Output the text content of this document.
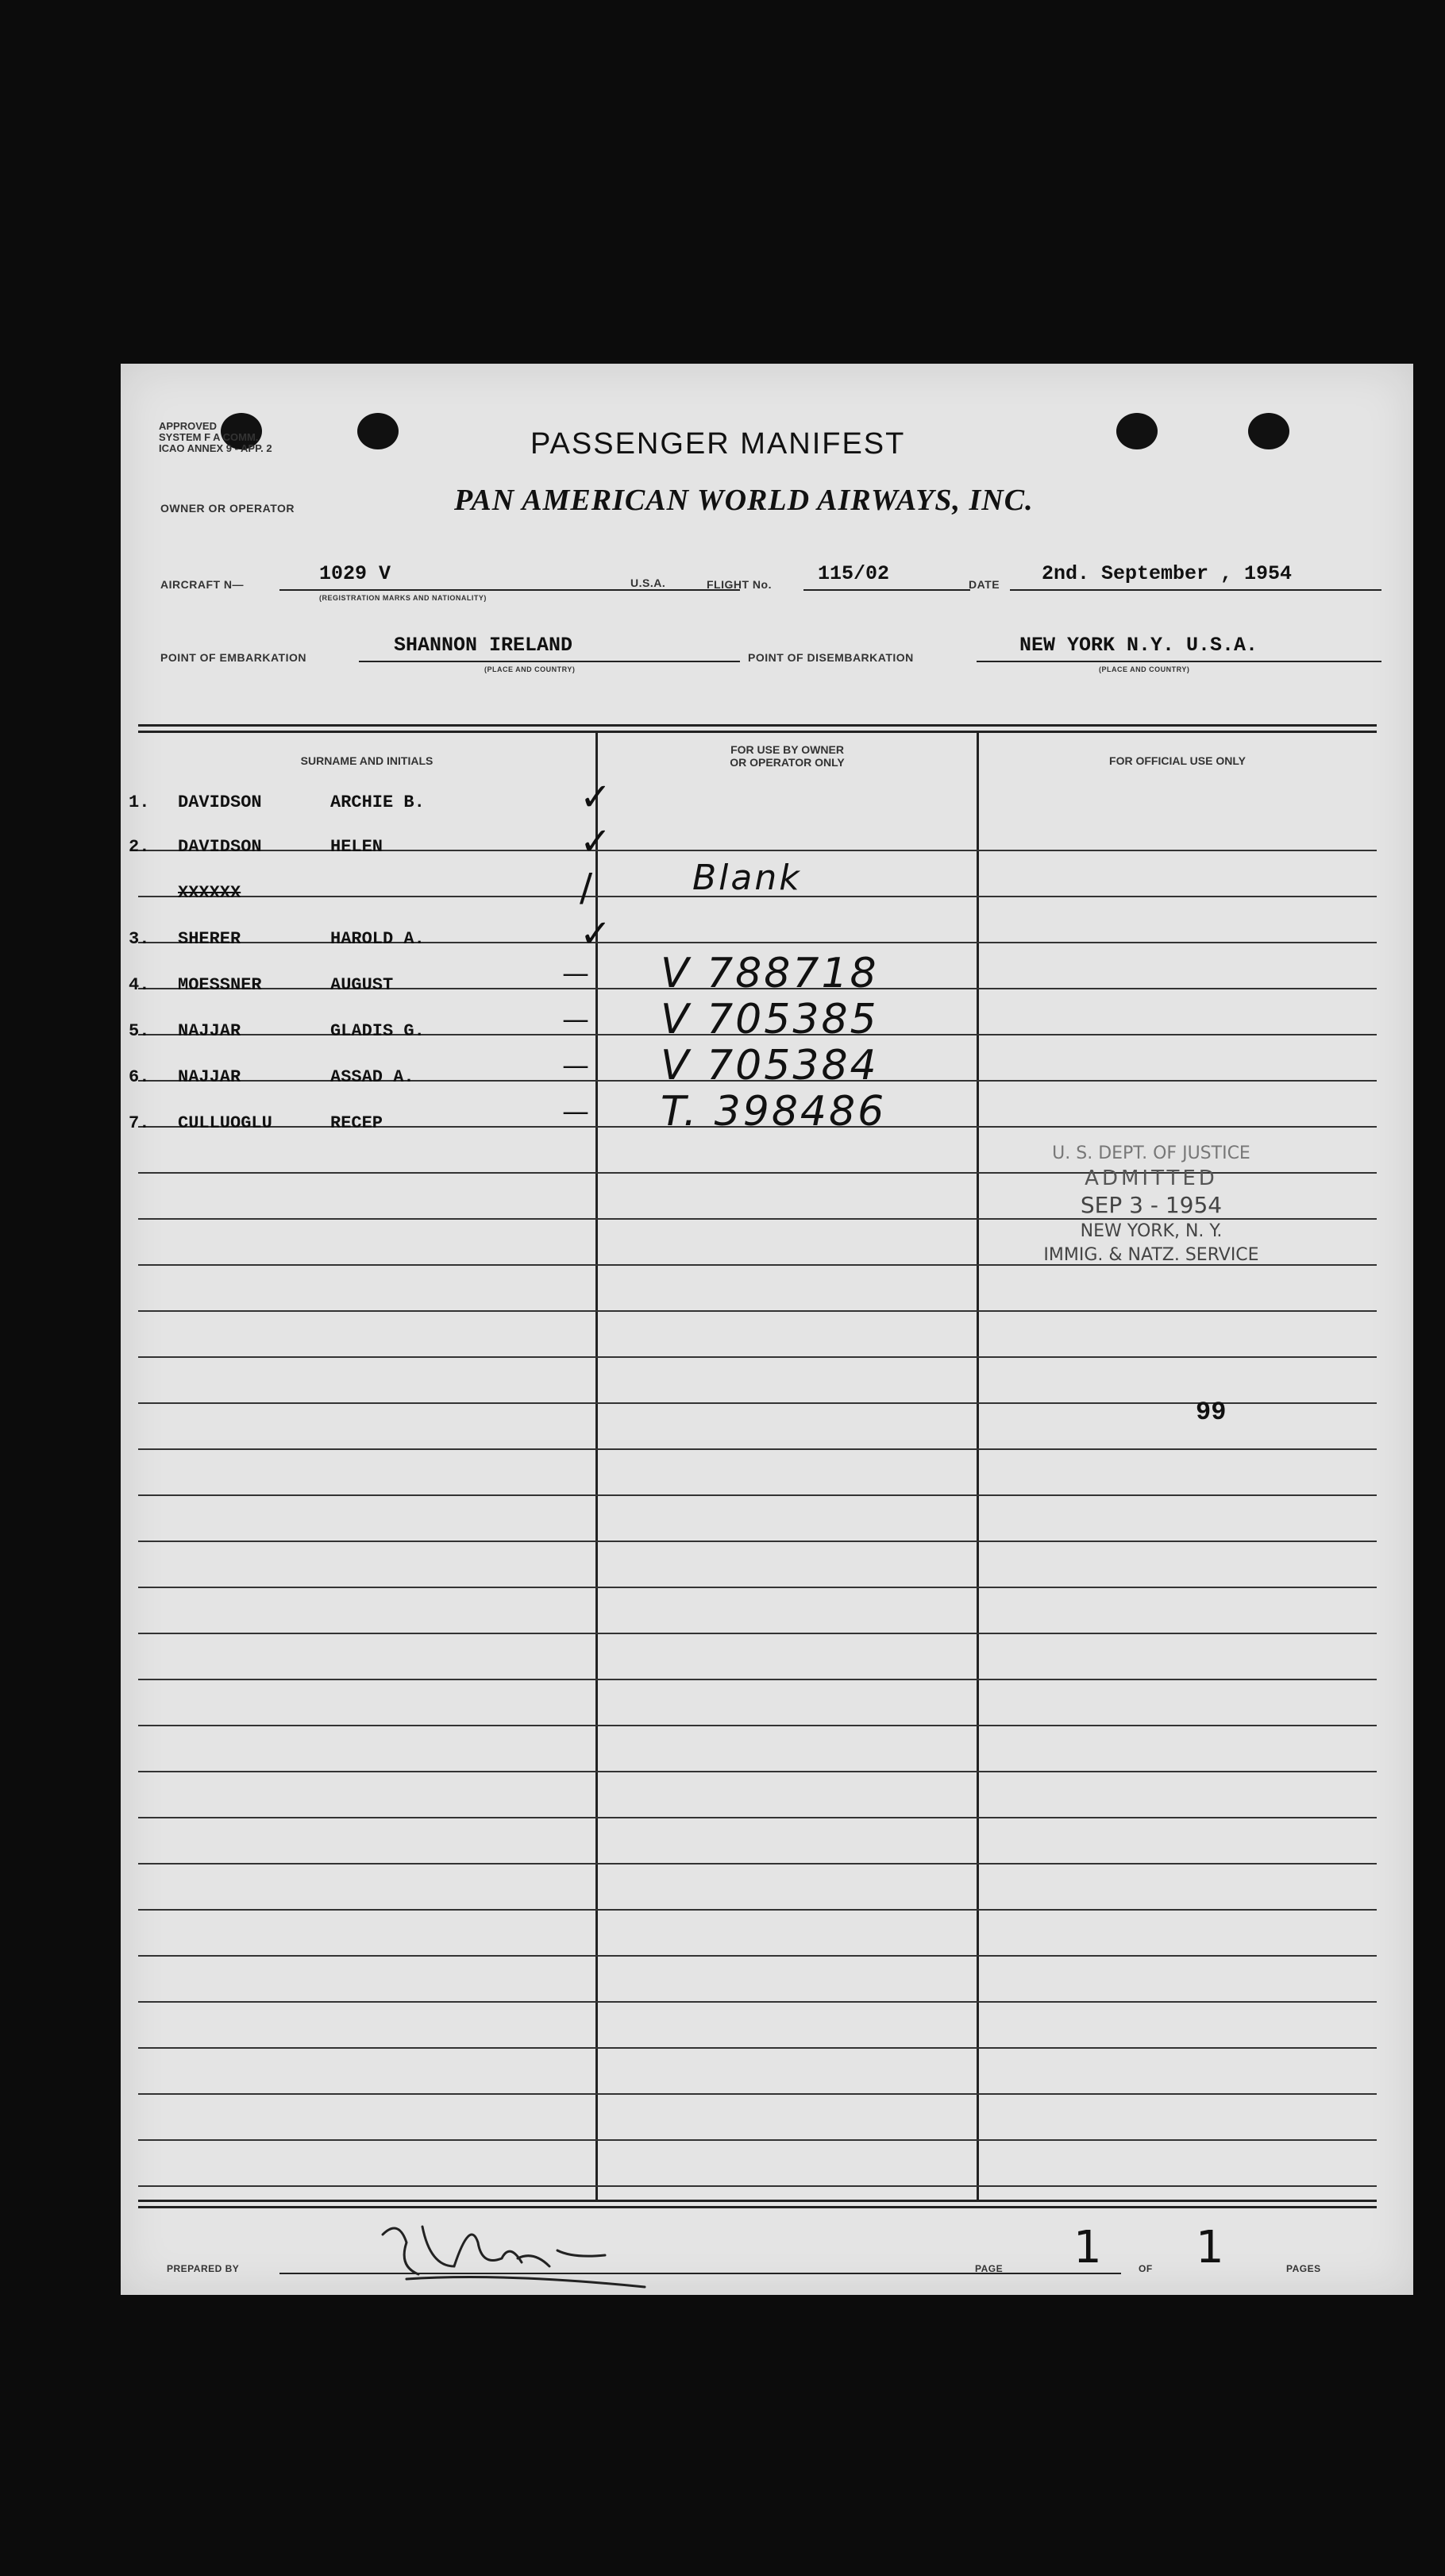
APPROVED
SYSTEM F A COMM.
ICAO ANNEX 9 - APP. 2	PASSENGER MANIFEST
OWNER OR OPERATOR	PAN AMERICAN WORLD AIRWAYS, INC.
AIRCRAFT N—	1029 V
(REGISTRATION MARKS AND NATIONALITY)
U.S.A.	FLIGHT No. 115/02	DATE 2nd. September , 1954
POINT OF EMBARKATION
SHANNON IRELAND
(PLACE AND COUNTRY)
POINT OF DISEMBARKATION
NEW YORK N.Y. U.S.A.
(PLACE AND COUNTRY)
SURNAME AND INITIALS
FOR USE BY OWNER
OR OPERATOR ONLY	FOR OFFICIAL USE ONLY
1. DAVIDSON	ARCHIE B.	✓
2. DAVIDSON	HELEN	✓
XXXXXX	/	Blank
3. SHERER	HAROLD A.	✓
4. MOESSNER	AUGUST	— V 788718
5. NAJJAR	GLADIS G.	— V 705385
6. NAJJAR	ASSAD A.	— V 705384
7. CULLUOGLU	RECEP	— T. 398486
U. S. DEPT. OF JUSTICE
ADMITTED
SEP 3 - 1954
NEW YORK, N. Y.
IMMIG. & NATZ. SERVICE
99
PREPARED BY	PAGE 1	OF 1	PAGES
